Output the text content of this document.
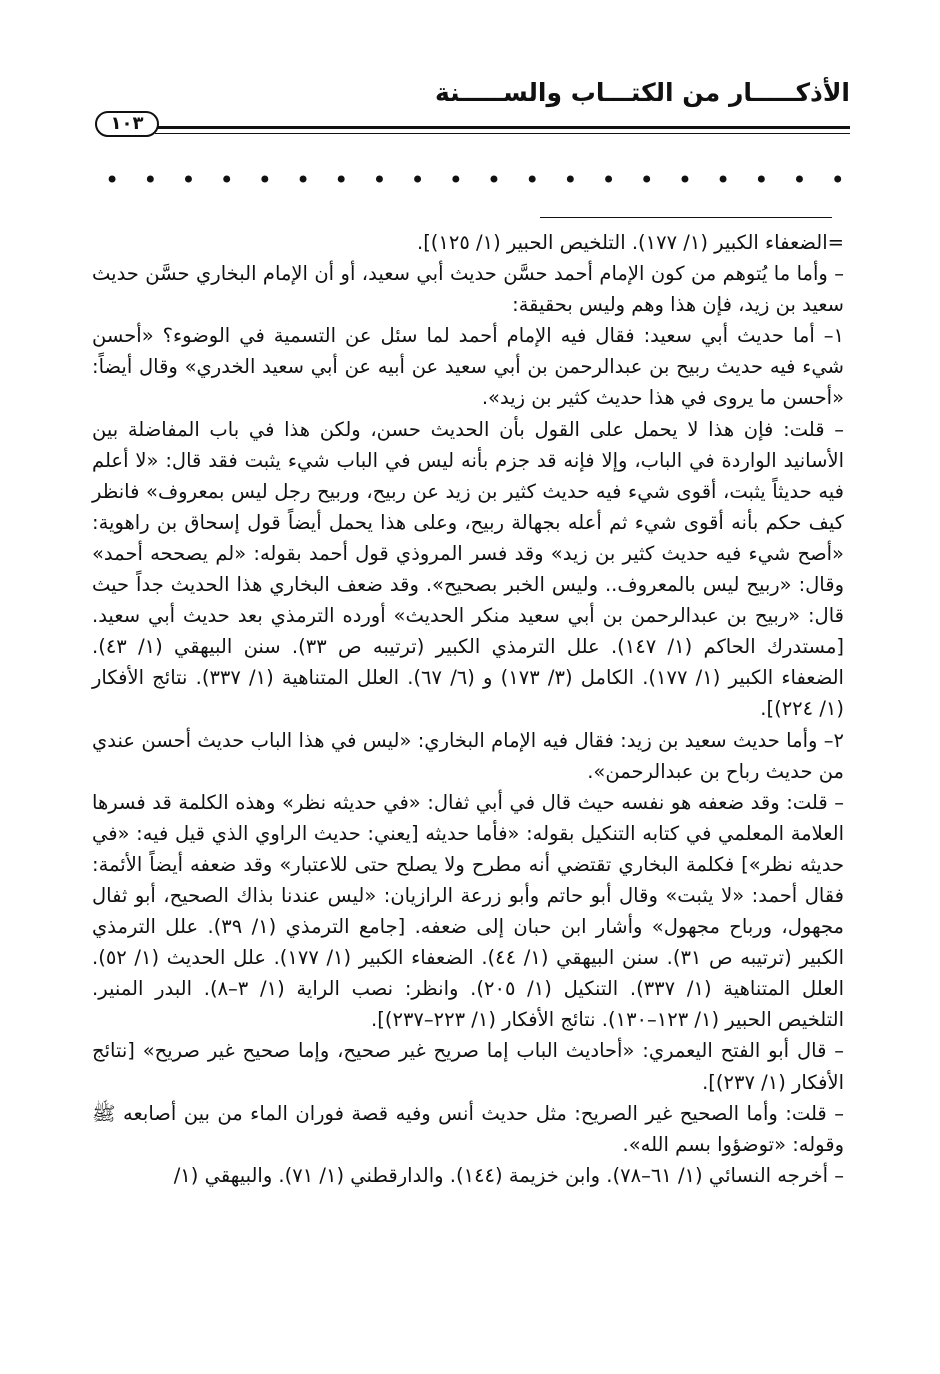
الأذكـــــار من الكتـــاب والســـــنة
١٠٣
• • • • • • • • • • • • • • • • • • • •

=الضعفاء الكبير (١/ ١٧٧). التلخيص الحبير (١/ ١٢٥)].

– وأما ما يُتوهم من كون الإمام أحمد حسَّن حديث أبي سعيد، أو أن الإمام البخاري حسَّن حديث سعيد بن زيد، فإن هذا وهم وليس بحقيقة:

١– أما حديث أبي سعيد: فقال فيه الإمام أحمد لما سئل عن التسمية في الوضوء؟ «أحسن شيء فيه حديث ربيح بن عبدالرحمن بن أبي سعيد عن أبيه عن أبي سعيد الخدري» وقال أيضاً: «أحسن ما يروى في هذا حديث كثير بن زيد».

– قلت: فإن هذا لا يحمل على القول بأن الحديث حسن، ولكن هذا في باب المفاضلة بين الأسانيد الواردة في الباب، وإلا فإنه قد جزم بأنه ليس في الباب شيء يثبت فقد قال: «لا أعلم فيه حديثاً يثبت، أقوى شيء فيه حديث كثير بن زيد عن ربيح، وربيح رجل ليس بمعروف» فانظر كيف حكم بأنه أقوى شيء ثم أعله بجهالة ربيح، وعلى هذا يحمل أيضاً قول إسحاق بن راهوية: «أصح شيء فيه حديث كثير بن زيد» وقد فسر المروذي قول أحمد بقوله: «لم يصححه أحمد» وقال: «ربيح ليس بالمعروف.. وليس الخبر بصحيح». وقد ضعف البخاري هذا الحديث جداً حيث قال: «ربيح بن عبدالرحمن بن أبي سعيد منكر الحديث» أورده الترمذي بعد حديث أبي سعيد. [مستدرك الحاكم (١/ ١٤٧). علل الترمذي الكبير (ترتيبه ص ٣٣). سنن البيهقي (١/ ٤٣). الضعفاء الكبير (١/ ١٧٧). الكامل (٣/ ١٧٣) و (٦/ ٦٧). العلل المتناهية (١/ ٣٣٧). نتائج الأفكار (١/ ٢٢٤)].

٢– وأما حديث سعيد بن زيد: فقال فيه الإمام البخاري: «ليس في هذا الباب حديث أحسن عندي من حديث رباح بن عبدالرحمن».

– قلت: وقد ضعفه هو نفسه حيث قال في أبي ثفال: «في حديثه نظر» وهذه الكلمة قد فسرها العلامة المعلمي في كتابه التنكيل بقوله: «فأما حديثه [يعني: حديث الراوي الذي قيل فيه: «في حديثه نظر»] فكلمة البخاري تقتضي أنه مطرح ولا يصلح حتى للاعتبار» وقد ضعفه أيضاً الأئمة: فقال أحمد: «لا يثبت» وقال أبو حاتم وأبو زرعة الرازيان: «ليس عندنا بذاك الصحيح، أبو ثفال مجهول، ورباح مجهول» وأشار ابن حبان إلى ضعفه. [جامع الترمذي (١/ ٣٩). علل الترمذي الكبير (ترتيبه ص ٣١). سنن البيهقي (١/ ٤٤). الضعفاء الكبير (١/ ١٧٧). علل الحديث (١/ ٥٢). العلل المتناهية (١/ ٣٣٧). التنكيل (١/ ٢٠٥). وانظر: نصب الراية (١/ ٣–٨). البدر المنير. التلخيص الحبير (١/ ١٢٣–١٣٠). نتائج الأفكار (١/ ٢٢٣–٢٣٧)].

– قال أبو الفتح اليعمري: «أحاديث الباب إما صريح غير صحيح، وإما صحيح غير صريح» [نتائج الأفكار (١/ ٢٣٧)].

– قلت: وأما الصحيح غير الصريح: مثل حديث أنس وفيه قصة فوران الماء من بين أصابعه ﷺ وقوله: «توضؤوا بسم الله».

– أخرجه النسائي (١/ ٦١–٧٨). وابن خزيمة (١٤٤). والدارقطني (١/ ٧١). والبيهقي (١/
